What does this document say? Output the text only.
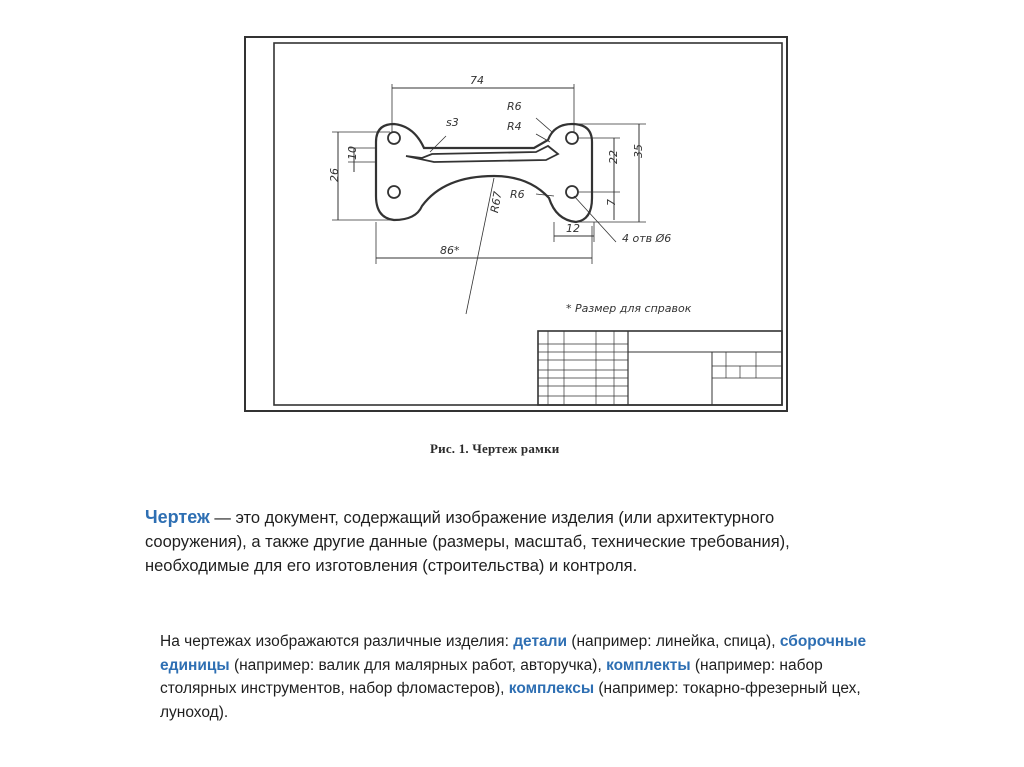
74
R6
R4
s3
10
26
22 35
7
R67 R6
12
86*
4 отв Ø6
* Размер для справок
Рис. 1. Чертеж рамки

Чертеж — это документ, содержащий изображение изделия (или архитектурного сооружения), а также другие данные (размеры, масштаб, технические требования), необходимые для его изготовления (строительства) и контроля.

На чертежах изображаются различные изделия: детали (например: линейка, спица), сборочные единицы (например: валик для малярных работ, авторучка), комплекты (например: набор столярных инструментов, набор фломастеров), комплексы (например: токарно-фрезерный цех, луноход).
